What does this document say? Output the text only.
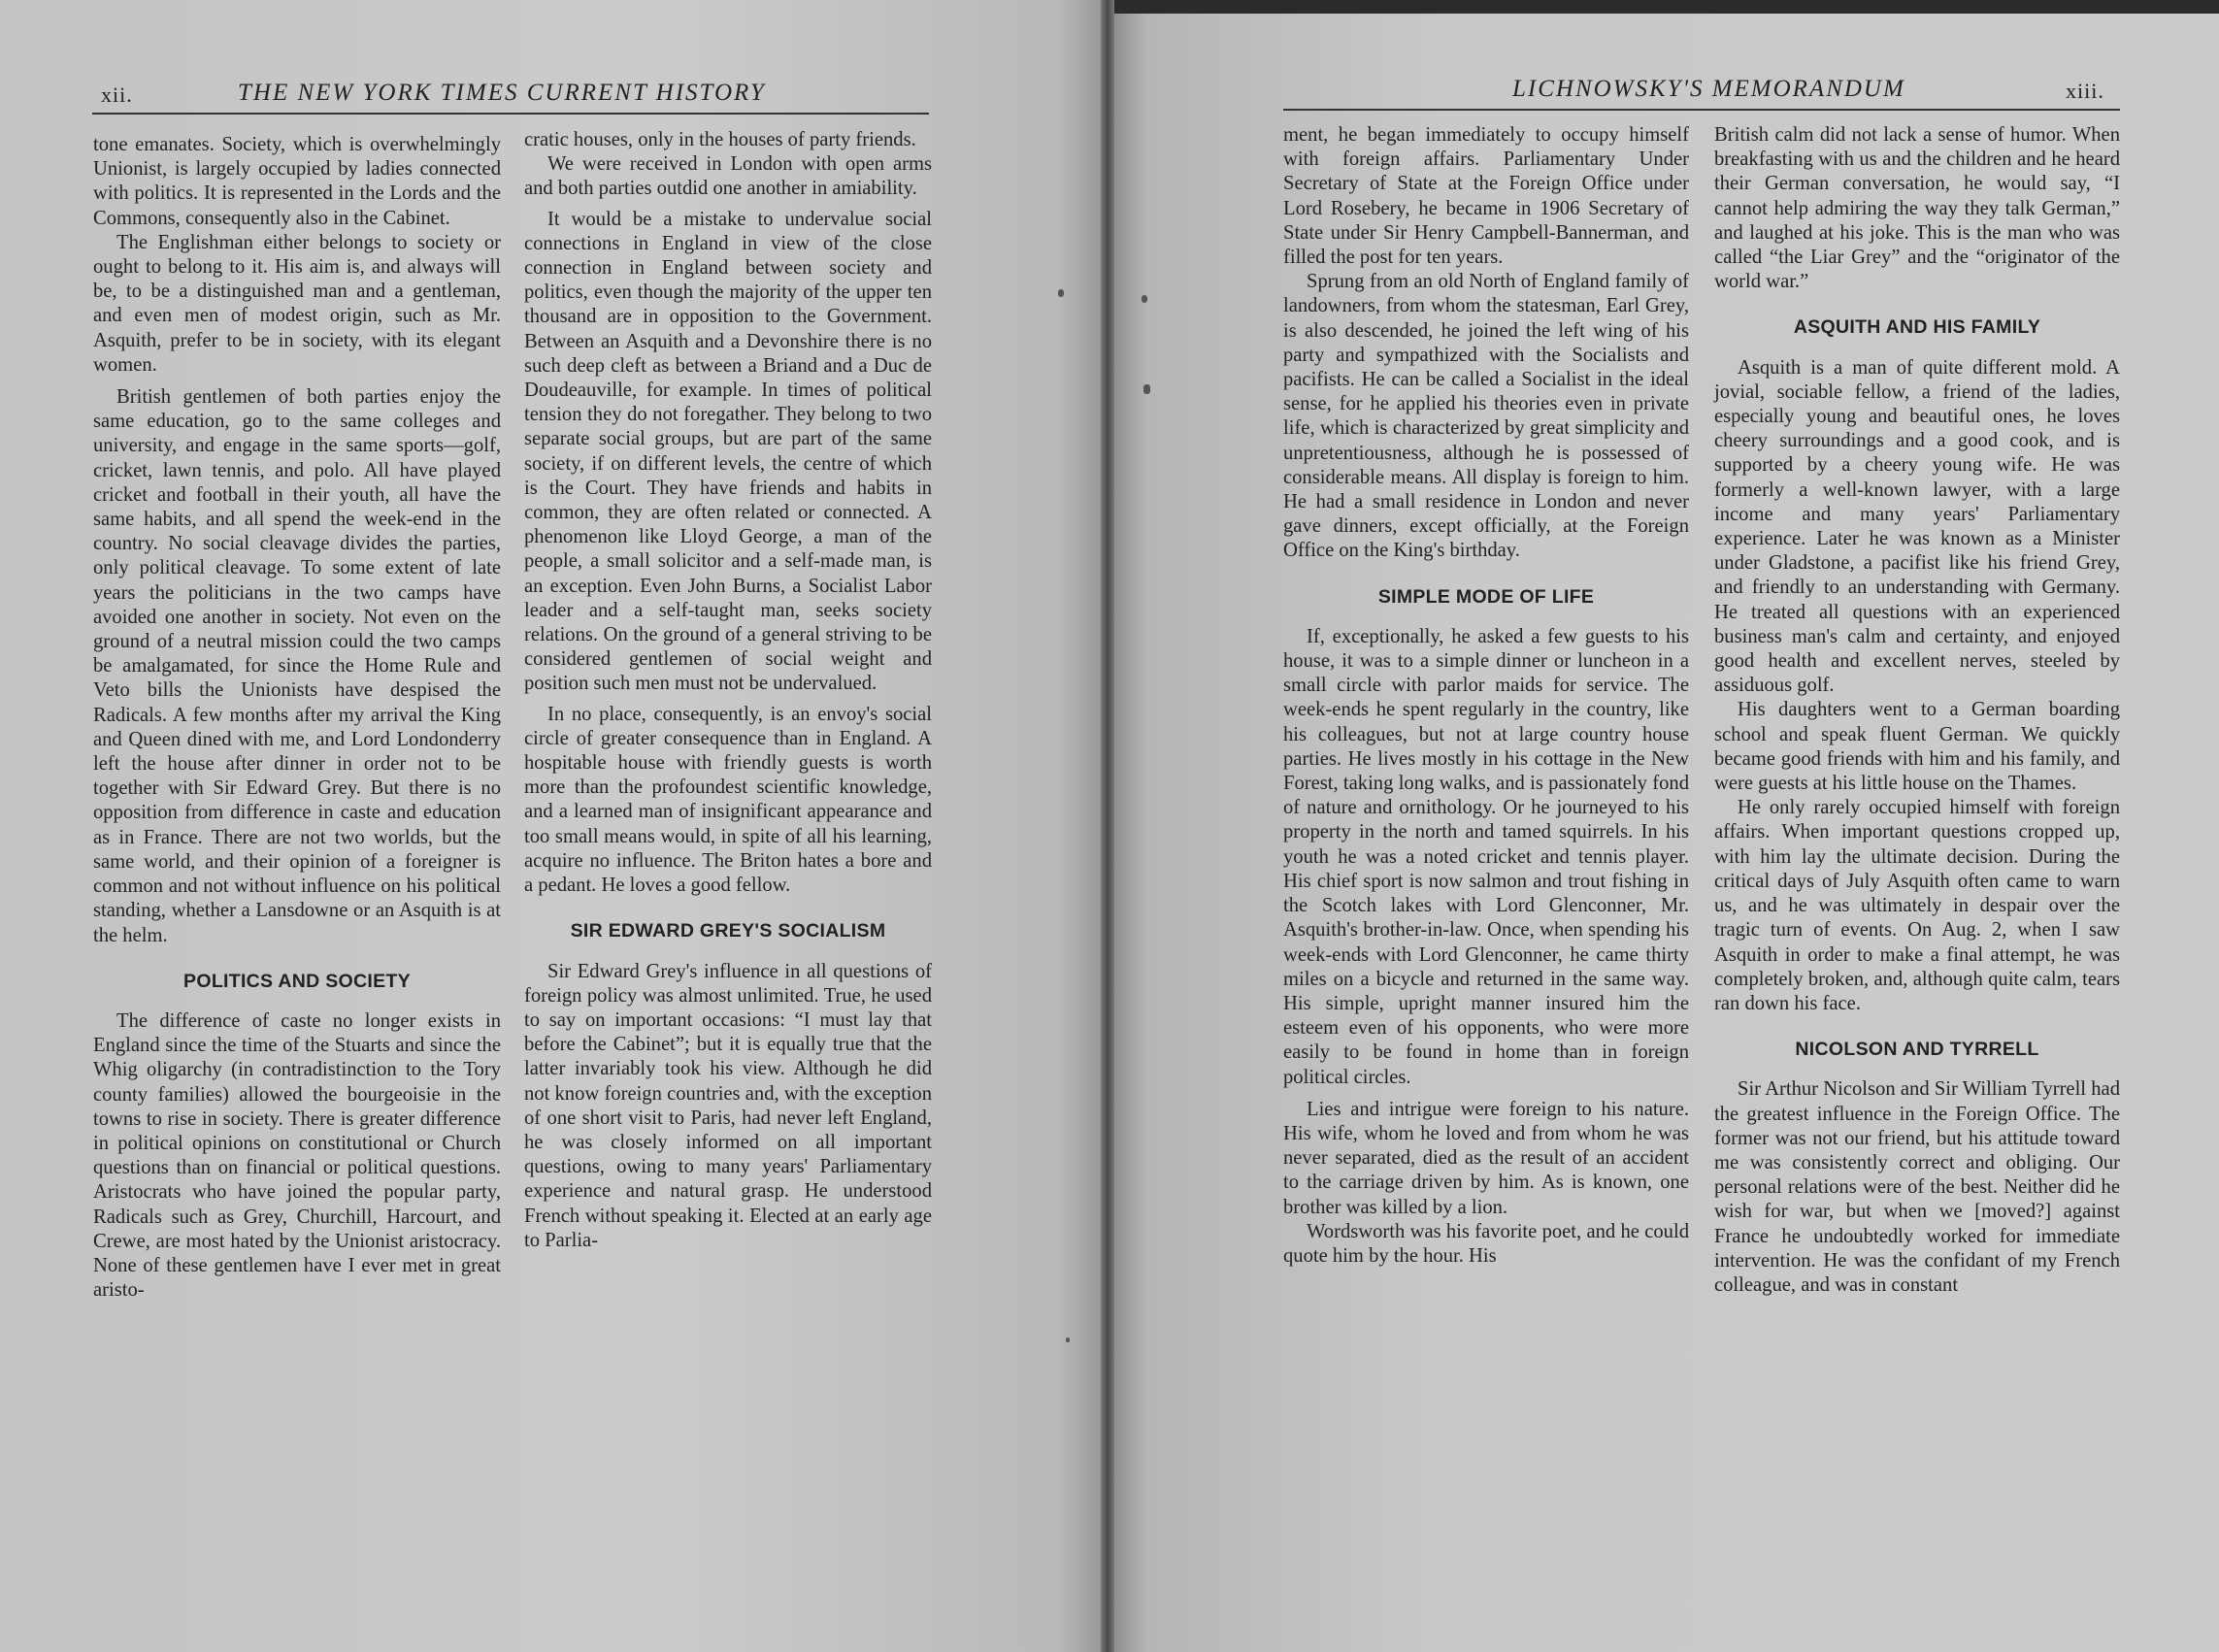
xii.	THE NEW YORK TIMES CURRENT HISTORY

tone emanates. Society, which is overwhelmingly Unionist, is largely occupied by ladies connected with politics. It is represented in the Lords and the Commons, consequently also in the Cabinet.

The Englishman either belongs to society or ought to belong to it. His aim is, and always will be, to be a distinguished man and a gentleman, and even men of modest origin, such as Mr. Asquith, prefer to be in society, with its elegant women.

British gentlemen of both parties enjoy the same education, go to the same colleges and university, and engage in the same sports—golf, cricket, lawn tennis, and polo. All have played cricket and football in their youth, all have the same habits, and all spend the week-end in the country. No social cleavage divides the parties, only political cleavage. To some extent of late years the politicians in the two camps have avoided one another in society. Not even on the ground of a neutral mission could the two camps be amalgamated, for since the Home Rule and Veto bills the Unionists have despised the Radicals. A few months after my arrival the King and Queen dined with me, and Lord Londonderry left the house after dinner in order not to be together with Sir Edward Grey. But there is no opposition from difference in caste and education as in France. There are not two worlds, but the same world, and their opinion of a foreigner is common and not without influence on his political standing, whether a Lansdowne or an Asquith is at the helm.

POLITICS AND SOCIETY

The difference of caste no longer exists in England since the time of the Stuarts and since the Whig oligarchy (in contradistinction to the Tory county families) allowed the bourgeoisie in the towns to rise in society. There is greater difference in political opinions on constitutional or Church questions than on financial or political questions. Aristocrats who have joined the popular party, Radicals such as Grey, Churchill, Harcourt, and Crewe, are most hated by the Unionist aristocracy. None of these gentlemen have I ever met in great aristo-

cratic houses, only in the houses of party friends.

We were received in London with open arms and both parties outdid one another in amiability.

It would be a mistake to undervalue social connections in England in view of the close connection in England between society and politics, even though the majority of the upper ten thousand are in opposition to the Government. Between an Asquith and a Devonshire there is no such deep cleft as between a Briand and a Duc de Doudeauville, for example. In times of political tension they do not foregather. They belong to two separate social groups, but are part of the same society, if on different levels, the centre of which is the Court. They have friends and habits in common, they are often related or connected. A phenomenon like Lloyd George, a man of the people, a small solicitor and a self-made man, is an exception. Even John Burns, a Socialist Labor leader and a self-taught man, seeks society relations. On the ground of a general striving to be considered gentlemen of social weight and position such men must not be undervalued.

In no place, consequently, is an envoy's social circle of greater consequence than in England. A hospitable house with friendly guests is worth more than the profoundest scientific knowledge, and a learned man of insignificant appearance and too small means would, in spite of all his learning, acquire no influence. The Briton hates a bore and a pedant. He loves a good fellow.

SIR EDWARD GREY'S SOCIALISM

Sir Edward Grey's influence in all questions of foreign policy was almost unlimited. True, he used to say on important occasions: “I must lay that before the Cabinet”; but it is equally true that the latter invariably took his view. Although he did not know foreign countries and, with the exception of one short visit to Paris, had never left England, he was closely informed on all important questions, owing to many years' Parliamentary experience and natural grasp. He understood French without speaking it. Elected at an early age to Parlia-

LICHNOWSKY'S MEMORANDUM	xiii.

ment, he began immediately to occupy himself with foreign affairs. Parliamentary Under Secretary of State at the Foreign Office under Lord Rosebery, he became in 1906 Secretary of State under Sir Henry Campbell-Bannerman, and filled the post for ten years.

Sprung from an old North of England family of landowners, from whom the statesman, Earl Grey, is also descended, he joined the left wing of his party and sympathized with the Socialists and pacifists. He can be called a Socialist in the ideal sense, for he applied his theories even in private life, which is characterized by great simplicity and unpretentiousness, although he is possessed of considerable means. All display is foreign to him. He had a small residence in London and never gave dinners, except officially, at the Foreign Office on the King's birthday.

SIMPLE MODE OF LIFE

If, exceptionally, he asked a few guests to his house, it was to a simple dinner or luncheon in a small circle with parlor maids for service. The week-ends he spent regularly in the country, like his colleagues, but not at large country house parties. He lives mostly in his cottage in the New Forest, taking long walks, and is passionately fond of nature and ornithology. Or he journeyed to his property in the north and tamed squirrels. In his youth he was a noted cricket and tennis player. His chief sport is now salmon and trout fishing in the Scotch lakes with Lord Glenconner, Mr. Asquith's brother-in-law. Once, when spending his week-ends with Lord Glenconner, he came thirty miles on a bicycle and returned in the same way. His simple, upright manner insured him the esteem even of his opponents, who were more easily to be found in home than in foreign political circles.

Lies and intrigue were foreign to his nature. His wife, whom he loved and from whom he was never separated, died as the result of an accident to the carriage driven by him. As is known, one brother was killed by a lion.

Wordsworth was his favorite poet, and he could quote him by the hour. His

British calm did not lack a sense of humor. When breakfasting with us and the children and he heard their German conversation, he would say, “I cannot help admiring the way they talk German,” and laughed at his joke. This is the man who was called “the Liar Grey” and the “originator of the world war.”

ASQUITH AND HIS FAMILY

Asquith is a man of quite different mold. A jovial, sociable fellow, a friend of the ladies, especially young and beautiful ones, he loves cheery surroundings and a good cook, and is supported by a cheery young wife. He was formerly a well-known lawyer, with a large income and many years' Parliamentary experience. Later he was known as a Minister under Gladstone, a pacifist like his friend Grey, and friendly to an understanding with Germany. He treated all questions with an experienced business man's calm and certainty, and enjoyed good health and excellent nerves, steeled by assiduous golf.

His daughters went to a German boarding school and speak fluent German. We quickly became good friends with him and his family, and were guests at his little house on the Thames.

He only rarely occupied himself with foreign affairs. When important questions cropped up, with him lay the ultimate decision. During the critical days of July Asquith often came to warn us, and he was ultimately in despair over the tragic turn of events. On Aug. 2, when I saw Asquith in order to make a final attempt, he was completely broken, and, although quite calm, tears ran down his face.

NICOLSON AND TYRRELL

Sir Arthur Nicolson and Sir William Tyrrell had the greatest influence in the Foreign Office. The former was not our friend, but his attitude toward me was consistently correct and obliging. Our personal relations were of the best. Neither did he wish for war, but when we [moved?] against France he undoubtedly worked for immediate intervention. He was the confidant of my French colleague, and was in constant
